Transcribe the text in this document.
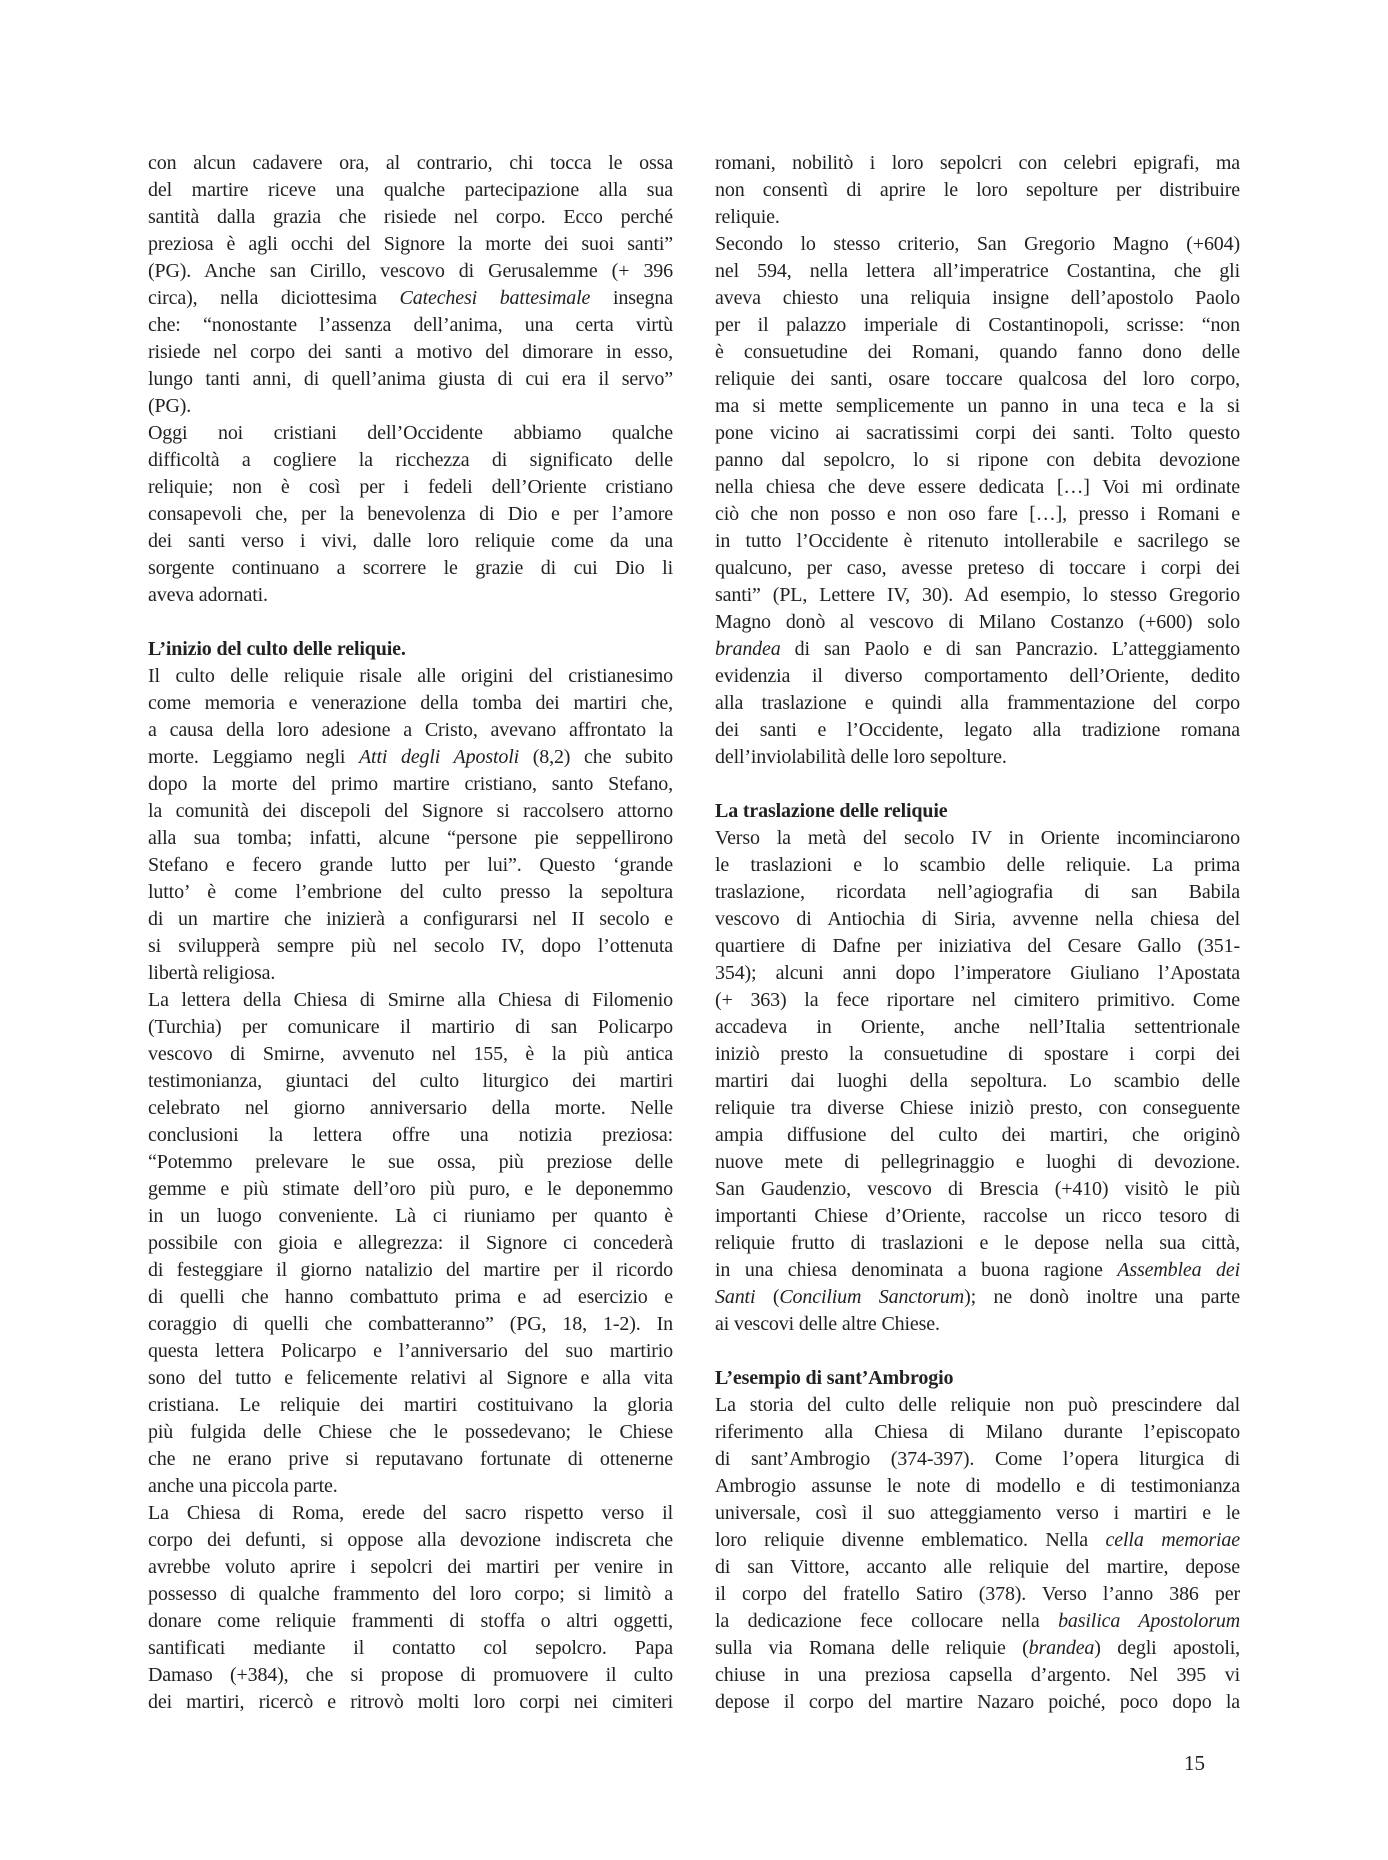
con alcun cadavere ora, al contrario, chi tocca le ossa
del martire riceve una qualche partecipazione alla sua
santità dalla grazia che risiede nel corpo. Ecco perché
preziosa è agli occhi del Signore la morte dei suoi santi”
(PG). Anche san Cirillo, vescovo di Gerusalemme (+ 396
circa), nella diciottesima Catechesi battesimale insegna
che: “nonostante l’assenza dell’anima, una certa virtù
risiede nel corpo dei santi a motivo del dimorare in esso,
lungo tanti anni, di quell’anima giusta di cui era il servo”
(PG).
Oggi noi cristiani dell’Occidente abbiamo qualche
difficoltà a cogliere la ricchezza di significato delle
reliquie; non è così per i fedeli dell’Oriente cristiano
consapevoli che, per la benevolenza di Dio e per l’amore
dei santi verso i vivi, dalle loro reliquie come da una
sorgente continuano a scorrere le grazie di cui Dio li
aveva adornati.
L’inizio del culto delle reliquie.
Il culto delle reliquie risale alle origini del cristianesimo
come memoria e venerazione della tomba dei martiri che,
a causa della loro adesione a Cristo, avevano affrontato la
morte. Leggiamo negli Atti degli Apostoli (8,2) che subito
dopo la morte del primo martire cristiano, santo Stefano,
la comunità dei discepoli del Signore si raccolsero attorno
alla sua tomba; infatti, alcune “persone pie seppellirono
Stefano e fecero grande lutto per lui”. Questo ‘grande
lutto’ è come l’embrione del culto presso la sepoltura
di un martire che inizierà a configurarsi nel II secolo e
si svilupperà sempre più nel secolo IV, dopo l’ottenuta
libertà religiosa.
La lettera della Chiesa di Smirne alla Chiesa di Filomenio
(Turchia) per comunicare il martirio di san Policarpo
vescovo di Smirne, avvenuto nel 155, è la più antica
testimonianza, giuntaci del culto liturgico dei martiri
celebrato nel giorno anniversario della morte. Nelle
conclusioni la lettera offre una notizia preziosa:
“Potemmo prelevare le sue ossa, più preziose delle
gemme e più stimate dell’oro più puro, e le deponemmo
in un luogo conveniente. Là ci riuniamo per quanto è
possibile con gioia e allegrezza: il Signore ci concederà
di festeggiare il giorno natalizio del martire per il ricordo
di quelli che hanno combattuto prima e ad esercizio e
coraggio di quelli che combatteranno” (PG, 18, 1-2). In
questa lettera Policarpo e l’anniversario del suo martirio
sono del tutto e felicemente relativi al Signore e alla vita
cristiana. Le reliquie dei martiri costituivano la gloria
più fulgida delle Chiese che le possedevano; le Chiese
che ne erano prive si reputavano fortunate di ottenerne
anche una piccola parte.
La Chiesa di Roma, erede del sacro rispetto verso il
corpo dei defunti, si oppose alla devozione indiscreta che
avrebbe voluto aprire i sepolcri dei martiri per venire in
possesso di qualche frammento del loro corpo; si limitò a
donare come reliquie frammenti di stoffa o altri oggetti,
santificati mediante il contatto col sepolcro. Papa
Damaso (+384), che si propose di promuovere il culto
dei martiri, ricercò e ritrovò molti loro corpi nei cimiteri
romani, nobilitò i loro sepolcri con celebri epigrafi, ma
non consentì di aprire le loro sepolture per distribuire
reliquie.
Secondo lo stesso criterio, San Gregorio Magno (+604)
nel 594, nella lettera all’imperatrice Costantina, che gli
aveva chiesto una reliquia insigne dell’apostolo Paolo
per il palazzo imperiale di Costantinopoli, scrisse: “non
è consuetudine dei Romani, quando fanno dono delle
reliquie dei santi, osare toccare qualcosa del loro corpo,
ma si mette semplicemente un panno in una teca e la si
pone vicino ai sacratissimi corpi dei santi. Tolto questo
panno dal sepolcro, lo si ripone con debita devozione
nella chiesa che deve essere dedicata […] Voi mi ordinate
ciò che non posso e non oso fare […], presso i Romani e
in tutto l’Occidente è ritenuto intollerabile e sacrilego se
qualcuno, per caso, avesse preteso di toccare i corpi dei
santi” (PL, Lettere IV, 30). Ad esempio, lo stesso Gregorio
Magno donò al vescovo di Milano Costanzo (+600) solo
brandea di san Paolo e di san Pancrazio. L’atteggiamento
evidenzia il diverso comportamento dell’Oriente, dedito
alla traslazione e quindi alla frammentazione del corpo
dei santi e l’Occidente, legato alla tradizione romana
dell’inviolabilità delle loro sepolture.
La traslazione delle reliquie
Verso la metà del secolo IV in Oriente incominciarono
le traslazioni e lo scambio delle reliquie. La prima
traslazione, ricordata nell’agiografia di san Babila
vescovo di Antiochia di Siria, avvenne nella chiesa del
quartiere di Dafne per iniziativa del Cesare Gallo (351-
354); alcuni anni dopo l’imperatore Giuliano l’Apostata
(+ 363) la fece riportare nel cimitero primitivo. Come
accadeva in Oriente, anche nell’Italia settentrionale
iniziò presto la consuetudine di spostare i corpi dei
martiri dai luoghi della sepoltura. Lo scambio delle
reliquie tra diverse Chiese iniziò presto, con conseguente
ampia diffusione del culto dei martiri, che originò
nuove mete di pellegrinaggio e luoghi di devozione.
San Gaudenzio, vescovo di Brescia (+410) visitò le più
importanti Chiese d’Oriente, raccolse un ricco tesoro di
reliquie frutto di traslazioni e le depose nella sua città,
in una chiesa denominata a buona ragione Assemblea dei
Santi (Concilium Sanctorum); ne donò inoltre una parte
ai vescovi delle altre Chiese.
L’esempio di sant’Ambrogio
La storia del culto delle reliquie non può prescindere dal
riferimento alla Chiesa di Milano durante l’episcopato
di sant’Ambrogio (374-397). Come l’opera liturgica di
Ambrogio assunse le note di modello e di testimonianza
universale, così il suo atteggiamento verso i martiri e le
loro reliquie divenne emblematico. Nella cella memoriae
di san Vittore, accanto alle reliquie del martire, depose
il corpo del fratello Satiro (378). Verso l’anno 386 per
la dedicazione fece collocare nella basilica Apostolorum
sulla via Romana delle reliquie (brandea) degli apostoli,
chiuse in una preziosa capsella d’argento. Nel 395 vi
depose il corpo del martire Nazaro poiché, poco dopo la
15
